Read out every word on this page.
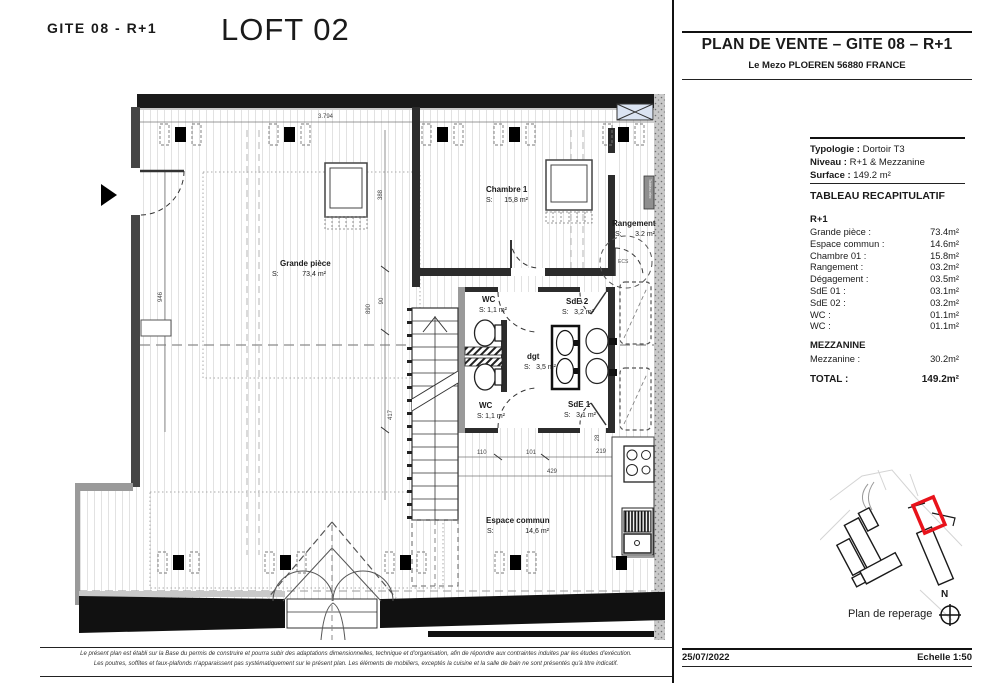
GITE 08 - R+1 LOFT 02
Grande pièce
S:	73,4 m²
Chambre 1
S: 15,8 m²
Rangement
S: 3.2 m²
WC
S: 1,1 m²
SdE 2
S: 3,2 m²
dgt
S: 3,5 m²
WC
S: 1,1 m²
SdE 1
S: 3,1 m²
Espace commun
S:	14,6 m²
ECS
Tableau elec
3.794
388
90
890
946
417
110	101	219
429
28
PLAN DE VENTE – GITE 08 – R+1
Le Mezo PLOEREN 56880 FRANCE
Typologie : Dortoir T3
Niveau : R+1 & Mezzanine
Surface : 149.2 m²
TABLEAU RECAPITULATIF
R+1
Grande pièce :	73.4m²
Espace commun :	14.6m²
Chambre 01 :	15.8m²
Rangement :	03.2m²
Dégagement :	03.5m²
SdE 01 :	03.1m²
SdE 02 :	03.2m²
WC :	01.1m²
WC :	01.1m²
MEZZANINE
Mezzanine :	30.2m²
TOTAL :	149.2m²
Plan de reperage
N
25/07/2022	Echelle 1:50
Le présent plan est établi sur la Base du permis de construire et pourra subir des adaptations dimensionnelles, technique et d'organisation, afin de répondre aux contraintes induites par les études d'exécution.
Les poutres, soffites et faux-plafonds n'apparaissent pas systématiquement sur le présent plan. Les éléments de mobiliers, exceptés la cuisine et la salle de bain ne sont présentés qu'à titre indicatif.
